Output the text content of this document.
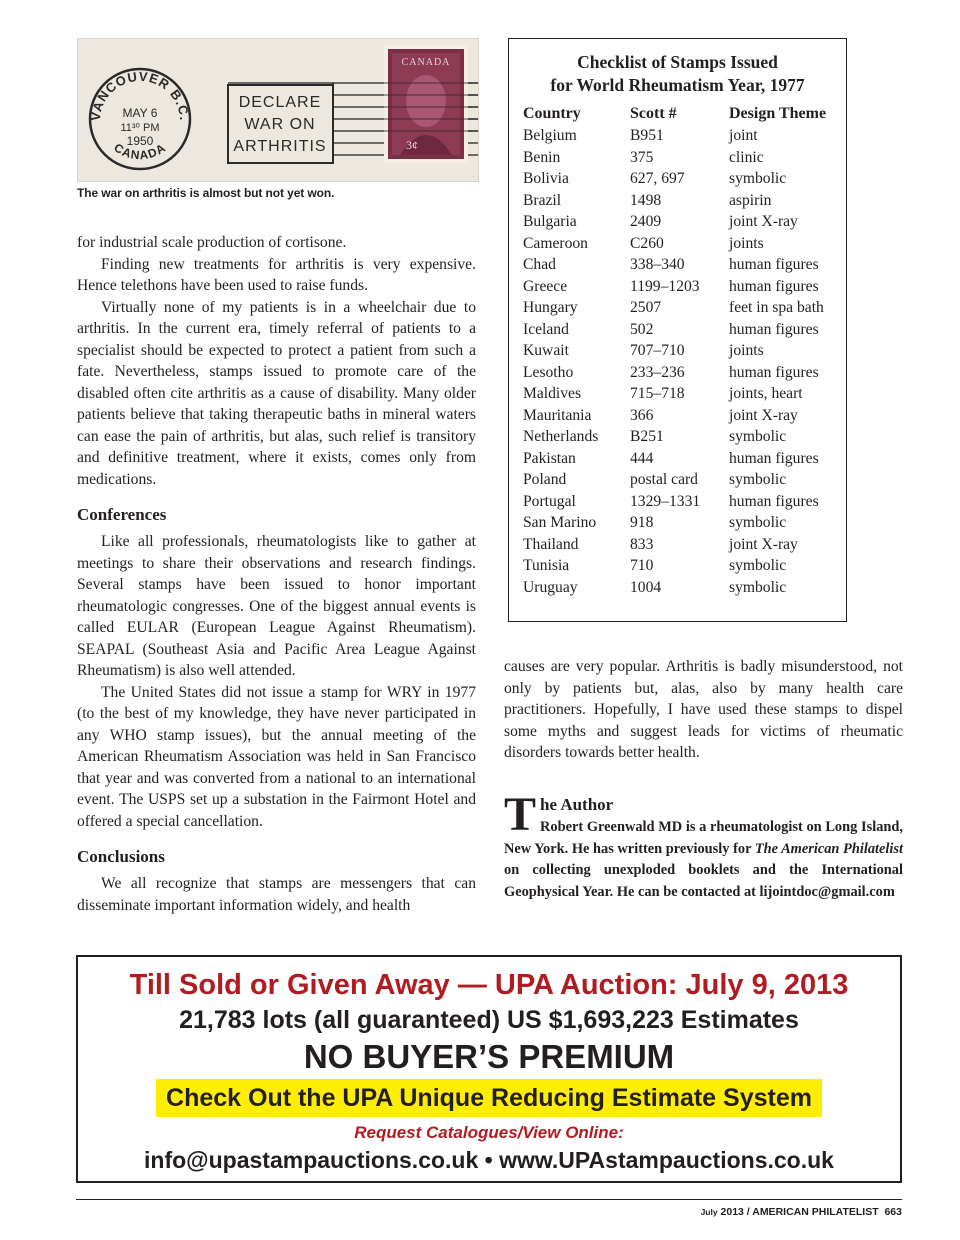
VANCOUVER B.C.
CANADA
MAY 6
11³⁰ PM
1950
DECLARE
WAR ON
ARTHRITIS
CANADA
3¢
The war on arthritis is almost but not yet won.

for industrial scale production of cortisone.

Finding new treatments for arthritis is very expensive. Hence telethons have been used to raise funds.

Virtually none of my patients is in a wheelchair due to arthritis. In the current era, timely referral of patients to a specialist should be expected to protect a patient from such a fate. Nevertheless, stamps issued to promote care of the disabled often cite arthritis as a cause of disability. Many older patients believe that taking therapeutic baths in mineral waters can ease the pain of arthritis, but alas, such relief is transitory and definitive treatment, where it exists, comes only from medications.

Conferences

Like all professionals, rheumatologists like to gather at meetings to share their observations and research findings. Several stamps have been issued to honor important rheumatologic congresses. One of the biggest annual events is called EULAR (European League Against Rheumatism). SEAPAL (Southeast Asia and Pacific Area League Against Rheumatism) is also well attended.

The United States did not issue a stamp for WRY in 1977 (to the best of my knowledge, they have never participated in any WHO stamp issues), but the annual meeting of the American Rheumatism Association was held in San Francisco that year and was converted from a national to an international event. The USPS set up a substation in the Fairmont Hotel and offered a special cancellation.

Conclusions

We all recognize that stamps are messengers that can disseminate important information widely, and health

Checklist of Stamps Issued
for World Rheumatism Year, 1977
Country	Scott #	Design Theme
Belgium	B951	joint
Benin	375	clinic
Bolivia	627, 697	symbolic
Brazil	1498	aspirin
Bulgaria	2409	joint X-ray
Cameroon	C260	joints
Chad	338–340	human figures
Greece	1199–1203	human figures
Hungary	2507	feet in spa bath
Iceland	502	human figures
Kuwait	707–710	joints
Lesotho	233–236	human figures
Maldives	715–718	joints, heart
Mauritania	366	joint X-ray
Netherlands	B251	symbolic
Pakistan	444	human figures
Poland	postal card	symbolic
Portugal	1329–1331	human figures
San Marino	918	symbolic
Thailand	833	joint X-ray
Tunisia	710	symbolic
Uruguay	1004	symbolic

causes are very popular. Arthritis is badly misunderstood, not only by patients but, alas, also by many health care practitioners. Hopefully, I have used these stamps to dispel some myths and suggest leads for victims of rheumatic disorders towards better health.

T he Author
Robert Greenwald MD is a rheumatologist on Long Island, New York. He has written previously for The American Philatelist on collecting unexploded booklets and the International Geophysical Year. He can be contacted at lijointdoc@gmail.com
Till Sold or Given Away — UPA Auction: July 9, 2013
21,783 lots (all guaranteed) US $1,693,223 Estimates
NO BUYER’S PREMIUM
Check Out the UPA Unique Reducing Estimate System
Request Catalogues/View Online:
info@upastampauctions.co.uk • www.UPAstampauctions.co.uk
July 2013 / AMERICAN PHILATELIST 663
